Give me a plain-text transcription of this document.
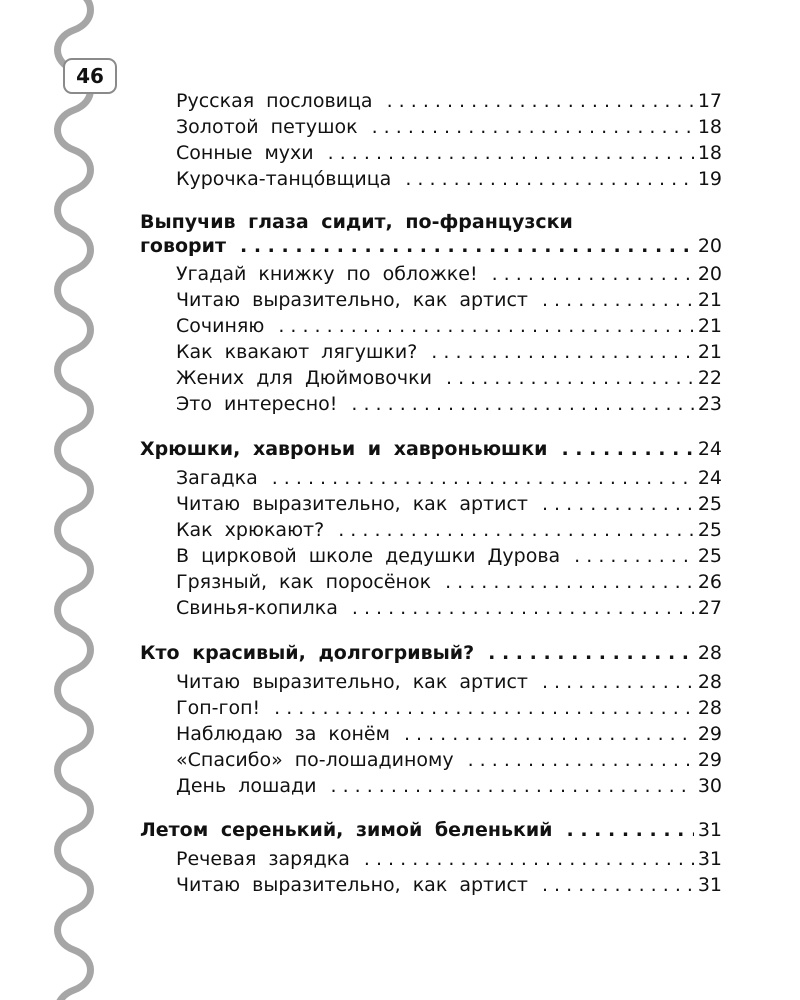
46
Русская пословица . . .	17
Золотой петушок . . .	18
Сонные мухи . . .	18
Курочка-танцо́вщица . . .	19
Выпучив глаза сидит, по-французски
говорит . . .	20
Угадай книжку по обложке! . . .	20
Читаю выразительно, как артист . . .	21
Сочиняю . . .	21
Как квакают лягушки? . . .	21
Жених для Дюймовочки . . .	22
Это интересно! . . .	23
Хрюшки, хавроньи и хавроньюшки . . .	24
Загадка . . .	24
Читаю выразительно, как артист . . .	25
Как хрюкают? . . .	25
В цирковой школе дедушки Дурова . . .	25
Грязный, как поросёнок . . .	26
Свинья-копилка . . .	27
Кто красивый, долгогривый? . . .	28
Читаю выразительно, как артист . . .	28
Гоп-гоп! . . .	28
Наблюдаю за конём . . .	29
«Спасибо» по-лошадиному . . .	29
День лошади . . .	30
Летом серенький, зимой беленький . . .	31
Речевая зарядка . . .	31
Читаю выразительно, как артист . . .	31
